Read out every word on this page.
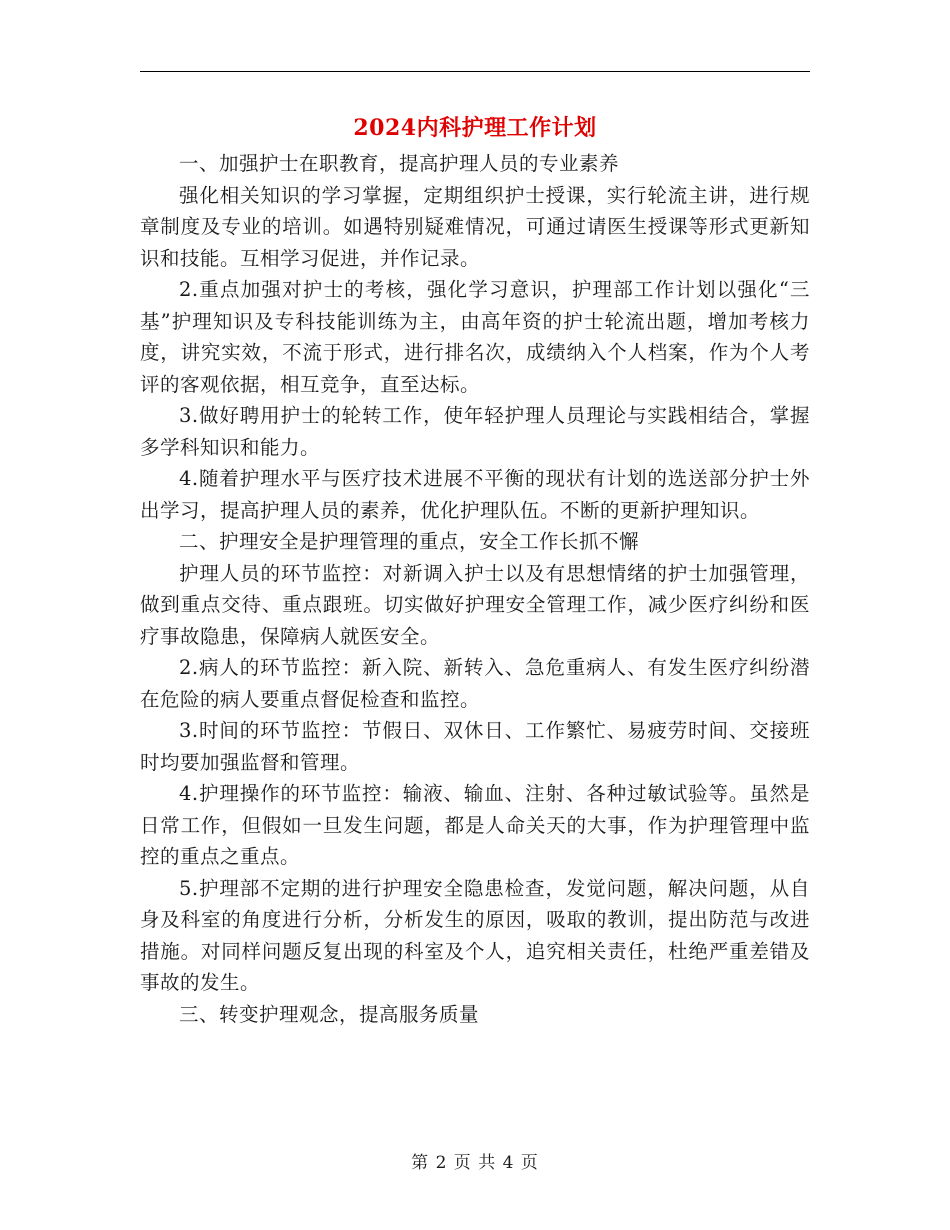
2024内科护理工作计划

一、加强护士在职教育，提高护理人员的专业素养

强化相关知识的学习掌握，定期组织护士授课，实行轮流主讲，进行规章制度及专业的培训。如遇特别疑难情况，可通过请医生授课等形式更新知识和技能。互相学习促进，并作记录。

2.重点加强对护士的考核，强化学习意识，护理部工作计划以强化“三基”护理知识及专科技能训练为主，由高年资的护士轮流出题，增加考核力度，讲究实效，不流于形式，进行排名次，成绩纳入个人档案，作为个人考评的客观依据，相互竞争，直至达标。

3.做好聘用护士的轮转工作，使年轻护理人员理论与实践相结合，掌握多学科知识和能力。

4.随着护理水平与医疗技术进展不平衡的现状有计划的选送部分护士外出学习，提高护理人员的素养，优化护理队伍。不断的更新护理知识。

二、护理安全是护理管理的重点，安全工作长抓不懈

护理人员的环节监控：对新调入护士以及有思想情绪的护士加强管理，做到重点交待、重点跟班。切实做好护理安全管理工作，减少医疗纠纷和医疗事故隐患，保障病人就医安全。

2.病人的环节监控：新入院、新转入、急危重病人、有发生医疗纠纷潜在危险的病人要重点督促检查和监控。

3.时间的环节监控：节假日、双休日、工作繁忙、易疲劳时间、交接班时均要加强监督和管理。

4.护理操作的环节监控：输液、输血、注射、各种过敏试验等。虽然是日常工作，但假如一旦发生问题，都是人命关天的大事，作为护理管理中监控的重点之重点。

5.护理部不定期的进行护理安全隐患检查，发觉问题，解决问题，从自身及科室的角度进行分析，分析发生的原因，吸取的教训，提出防范与改进措施。对同样问题反复出现的科室及个人，追究相关责任，杜绝严重差错及事故的发生。

三、转变护理观念，提高服务质量

第 2 页 共 4 页
